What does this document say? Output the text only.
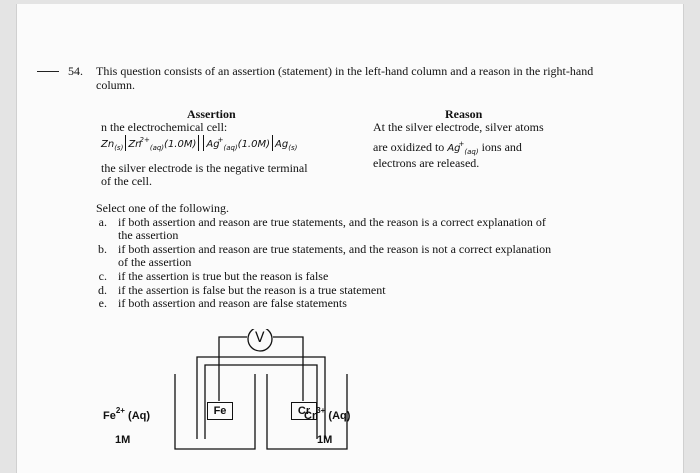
54. This question consists of an assertion (statement) in the left-hand column and a reason in the right-hand
column.
Assertion
n the electrochemical cell:
$Zn_{(s)}$ $Zn^{2+}_{(aq)}(1.0M)$ $Ag^+_{(aq)}(1.0M)$ $Ag_{(s)}$
the silver electrode is the negative terminal
of the cell.
Reason
At the silver electrode, silver atoms
are oxidized to $Ag^+_{(aq)}$ ions and
electrons are released.
Select one of the following.
a. if both assertion and reason are true statements, and the reason is a correct explanation of
the assertion
b. if both assertion and reason are true statements, and the reason is not a correct explanation
of the assertion
c. if the assertion is true but the reason is false
d. if the assertion is false but the reason is a true statement
e. if both assertion and reason are false statements
V
Fe	Cr
$Fe^{2+}$ (Aq)
1M
$Cr^{3+}$ (Aq)
1M
